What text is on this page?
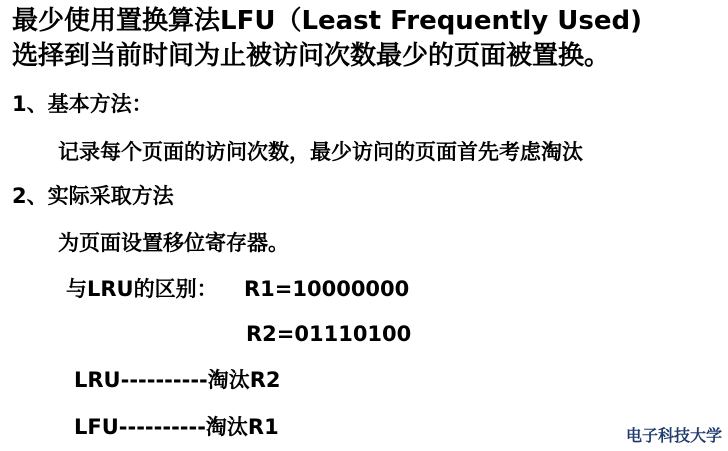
最少使用置换算法LFU（Least Frequently Used)
选择到当前时间为止被访问次数最少的页面被置换。
1、基本方法：
记录每个页面的访问次数，最少访问的页面首先考虑淘汰
2、实际采取方法
为页面设置移位寄存器。
与LRU的区别： R1=10000000
R2=01110100
LRU----------淘汰R2
LFU----------淘汰R1	电子科技大学
